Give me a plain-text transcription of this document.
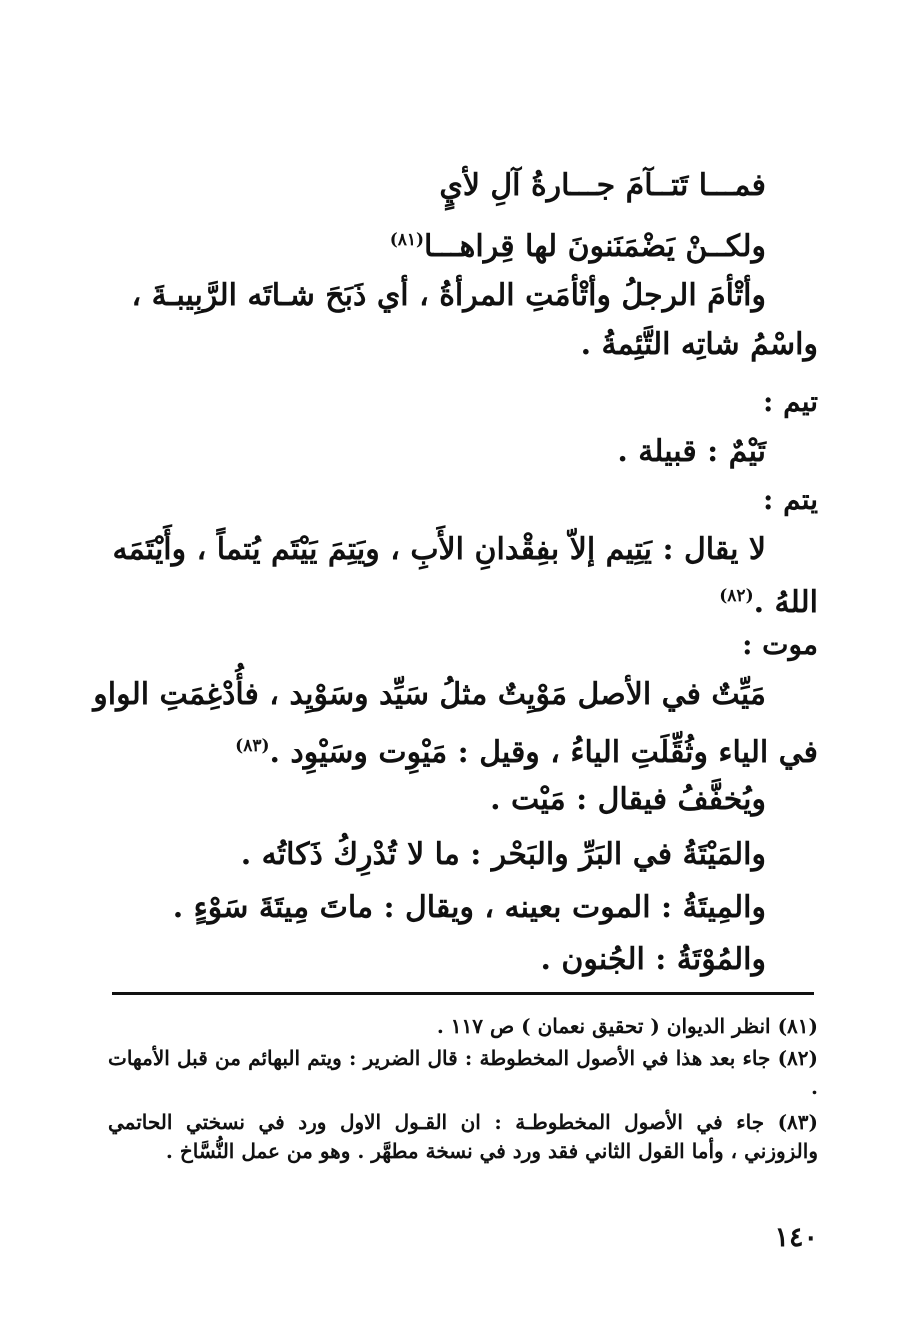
فمـــا تَتــآمَ جـــارةُ آلِ لأيٍ
ولكــنْ يَضْمَنَنونَ لها قِراهـــا$^{(٨١)}$
وأتْأمَ الرجلُ وأتْأمَتِ المرأةُ ، أي ذَبَحَ شـاتَه الرَّبِيبـةَ ،
واسْمُ شاتِه التَّئِمةُ .
تيم :
تَيْمٌ : قبيلة .
يتم :
لا يقال : يَتِيم إلاّ بفِقْدانِ الأَبِ ، ويَتِمَ يَيْتَم يُتماً ، وأَيْتَمَه
اللهُ .$^{(٨٢)}$
موت :
مَيِّتٌ في الأصل مَوْيِتٌ مثلُ سَيِّد وسَوْيِد ، فأُدْغِمَتِ الواو
في الياء وثُقِّلَتِ الياءُ ، وقيل : مَيْوِت وسَيْوِد .$^{(٨٣)}$
ويُخفَّفُ فيقال : مَيْت .
والمَيْتَةُ في البَرِّ والبَحْر : ما لا تُدْرِكُ ذَكاتُه .
والمِيتَةُ : الموت بعينه ، ويقال : ماتَ مِيتَةَ سَوْءٍ .
والمُوْتَةُ : الجُنون .
(٨١) انظر الديوان ( تحقيق نعمان ) ص ١١٧ .
(٨٢) جاء بعد هذا في الأصول المخطوطة : قال الضرير : ويتم البهائم من قبل الأمهات .
(٨٣) جاء في الأصول المخطوطـة : ان القـول الاول ورد في نسختي الحاتمي والزوزني ، وأما القول الثاني فقد ورد في نسخة مطهَّر . وهو من عمل النُّسَّاخ .
١٤٠
